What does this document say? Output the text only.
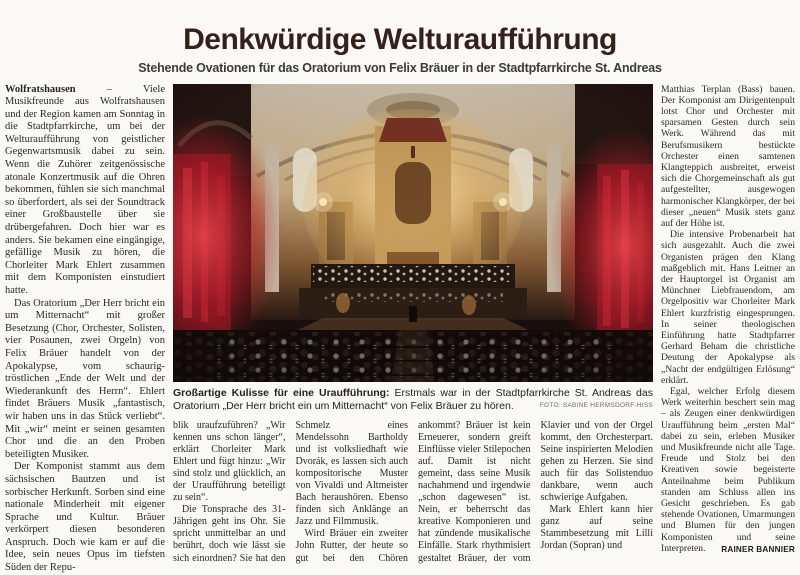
Denkwürdige Welturaufführung
Stehende Ovationen für das Oratorium von Felix Bräuer in der Stadtpfarrkirche St. Andreas

Wolfratshausen – Viele Musikfreunde aus Wolfratshausen und der Region kamen am Sonntag in die Stadtpfarrkirche, um bei der Welturaufführung von geistlicher Gegenwartsmusik dabei zu sein. Wenn die Zuhörer zeitgenössische atonale Konzertmusik auf die Ohren bekommen, fühlen sie sich manchmal so überfordert, als sei der Soundtrack einer Großbaustelle über sie drübergefahren. Doch hier war es anders. Sie bekamen eine eingängige, gefällige Musik zu hören, die Chorleiter Mark Ehlert zusammen mit dem Komponisten einstudiert hatte.

Das Oratorium „Der Herr bricht ein um Mitternacht“ mit großer Besetzung (Chor, Orchester, Solisten, vier Posaunen, zwei Orgeln) von Felix Bräuer handelt von der Apokalypse, vom schaurig-tröstlichen „Ende der Welt und der Wiederankunft des Herrn“. Ehlert findet Bräuers Musik „fantastisch, wir haben uns in das Stück verliebt“. Mit „wir“ meint er seinen gesamten Chor und die an den Proben beteiligten Musiker.

Der Komponist stammt aus dem sächsischen Bautzen und ist sorbischer Herkunft. Sorben sind eine nationale Minderheit mit eigener Sprache und Kultur. Bräuer verkörpert diesen besonderen Anspruch. Doch wie kam er auf die Idee, sein neues Opus im tiefsten Süden der Repu-

Großartige Kulisse für eine Uraufführung: Erstmals war in der Stadtpfarrkirche St. Andreas das Oratorium „Der Herr bricht ein um Mitternacht“ von Felix Bräuer zu hören.	FOTO: SABINE HERMSDORF-HISS

blik uraufzuführen? „Wir kennen uns schon länger“, erklärt Chorleiter Mark Ehlert und fügt hinzu: „Wir sind stolz und glücklich, an der Uraufführung beteiligt zu sein“.

Die Tonsprache des 31-Jährigen geht ins Ohr. Sie spricht unmittelbar an und berührt, doch wie lässt sie sich einordnen? Sie hat den Schmelz eines Mendelssohn Bartholdy und ist volksliedhaft wie Dvorák, es lassen sich auch kompositorische Muster von Vivaldi und Altmeister Bach heraushören. Ebenso finden sich Anklänge an Jazz und Filmmusik.

Wird Bräuer ein zweiter John Rutter, der heute so gut bei den Chören ankommt? Bräuer ist kein Erneuerer, sondern greift Einflüsse vieler Stilepochen auf. Damit ist nicht gemeint, dass seine Musik nachahmend und irgendwie „schon dagewesen“ ist. Nein, er beherrscht das kreative Komponieren und hat zündende musikalische Einfälle. Stark rhythmisiert gestaltet Bräuer, der vom Klavier und von der Orgel kommt, den Orchesterpart. Seine inspirierten Melodien gehen zu Herzen. Sie sind auch für das Solistenduo dankbare, wenn auch schwierige Aufgaben.

Mark Ehlert kann hier ganz auf seine Stammbesetzung mit Lilli Jordan (Sopran) und

Matthias Terplan (Bass) bauen. Der Komponist am Dirigentenpult lotst Chor und Orchester mit sparsamen Gesten durch sein Werk. Während das mit Berufsmusikern bestückte Orchester einen samtenen Klangteppich ausbreitet, erweist sich die Chorgemeinschaft als gut aufgestellter, ausgewogen harmonischer Klangkörper, der bei dieser „neuen“ Musik stets ganz auf der Höhe ist.

Die intensive Probenarbeit hat sich ausgezahlt. Auch die zwei Organisten prägen den Klang maßgeblich mit. Hans Leitner an der Hauptorgel ist Organist am Münchner Liebfrauendom, am Orgelpositiv war Chorleiter Mark Ehlert kurzfristig eingesprungen. In seiner theologischen Einführung hatte Stadtpfarrer Gerhard Beham die christliche Deutung der Apokalypse als „Nacht der endgültigen Erlösung“ erklärt.

Egal, welcher Erfolg diesem Werk weiterhin beschert sein mag – als Zeugen einer denkwürdigen Uraufführung beim „ersten Mal“ dabei zu sein, erleben Musiker und Musikfreunde nicht alle Tage. Freude und Stolz bei den Kreativen sowie begeisterte Anteilnahme beim Publikum standen am Schluss allen ins Gesicht geschrieben. Es gab stehende Ovationen, Umarmungen und Blumen für den jungen Komponisten und seine Interpreten.	RAINER BANNIER
